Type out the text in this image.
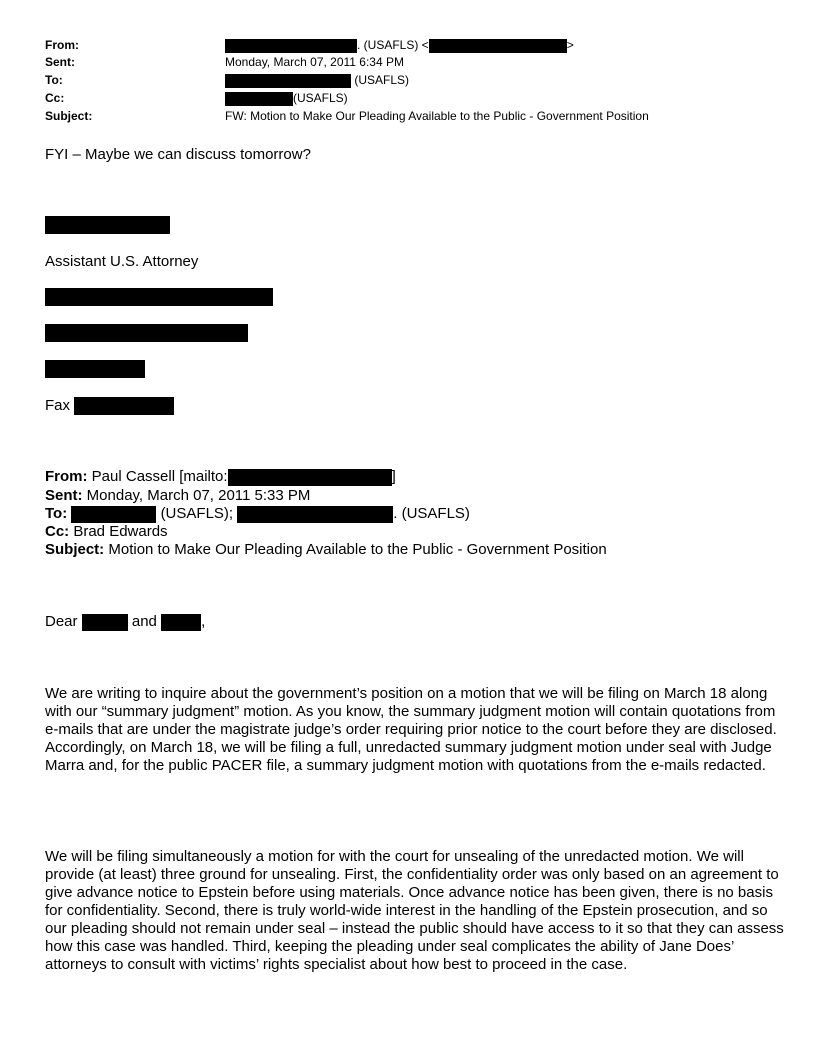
From:	. (USAFLS) <	>
Sent:	Monday, March 07, 2011 6:34 PM
To:	(USAFLS)
Cc:	(USAFLS)
Subject:	FW: Motion to Make Our Pleading Available to the Public - Government Position
FYI – Maybe we can discuss tomorrow?
Assistant U.S. Attorney
Fax
From: Paul Cassell [mailto:	]
Sent: Monday, March 07, 2011 5:33 PM
To:	(USAFLS);	. (USAFLS)
Cc: Brad Edwards
Subject: Motion to Make Our Pleading Available to the Public - Government Position
Dear	and	,
We are writing to inquire about the government’s position on a motion that we will be filing on March 18 along with our “summary judgment” motion. As you know, the summary judgment motion will contain quotations from e-mails that are under the magistrate judge’s order requiring prior notice to the court before they are disclosed. Accordingly, on March 18, we will be filing a full, unredacted summary judgment motion under seal with Judge Marra and, for the public PACER file, a summary judgment motion with quotations from the e-mails redacted.
We will be filing simultaneously a motion for with the court for unsealing of the unredacted motion. We will provide (at least) three ground for unsealing. First, the confidentiality order was only based on an agreement to give advance notice to Epstein before using materials. Once advance notice has been given, there is no basis for confidentiality. Second, there is truly world-wide interest in the handling of the Epstein prosecution, and so our pleading should not remain under seal – instead the public should have access to it so that they can assess how this case was handled. Third, keeping the pleading under seal complicates the ability of Jane Does’ attorneys to consult with victims’ rights specialist about how best to proceed in the case.
